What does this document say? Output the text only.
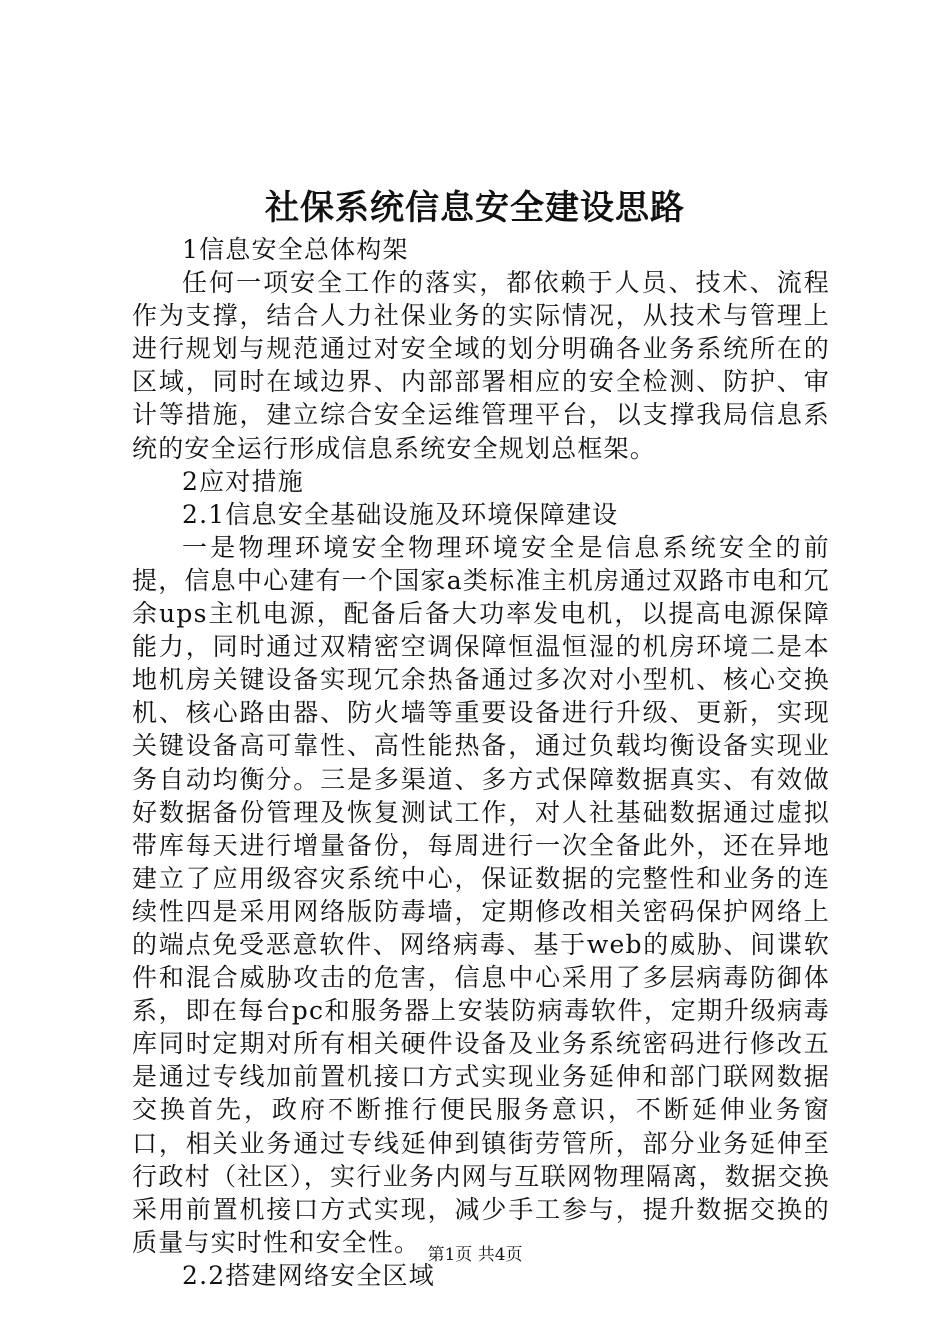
社保系统信息安全建设思路

1信息安全总体构架

任何一项安全工作的落实，都依赖于人员、技术、流程作为支撑，结合人力社保业务的实际情况，从技术与管理上进行规划与规范通过对安全域的划分明确各业务系统所在的区域，同时在域边界、内部部署相应的安全检测、防护、审计等措施，建立综合安全运维管理平台，以支撑我局信息系统的安全运行形成信息系统安全规划总框架。

2应对措施

2.1信息安全基础设施及环境保障建设

一是物理环境安全物理环境安全是信息系统安全的前提，信息中心建有一个国家a类标准主机房通过双路市电和冗余ups主机电源，配备后备大功率发电机，以提高电源保障能力，同时通过双精密空调保障恒温恒湿的机房环境二是本地机房关键设备实现冗余热备通过多次对小型机、核心交换机、核心路由器、防火墙等重要设备进行升级、更新，实现关键设备高可靠性、高性能热备，通过负载均衡设备实现业务自动均衡分。三是多渠道、多方式保障数据真实、有效做好数据备份管理及恢复测试工作，对人社基础数据通过虚拟带库每天进行增量备份，每周进行一次全备此外，还在异地建立了应用级容灾系统中心，保证数据的完整性和业务的连续性四是采用网络版防毒墙，定期修改相关密码保护网络上的端点免受恶意软件、网络病毒、基于web的威胁、间谍软件和混合威胁攻击的危害，信息中心采用了多层病毒防御体系，即在每台pc和服务器上安装防病毒软件，定期升级病毒库同时定期对所有相关硬件设备及业务系统密码进行修改五是通过专线加前置机接口方式实现业务延伸和部门联网数据交换首先，政府不断推行便民服务意识，不断延伸业务窗口，相关业务通过专线延伸到镇街劳管所，部分业务延伸至行政村（社区），实行业务内网与互联网物理隔离，数据交换采用前置机接口方式实现，减少手工参与，提升数据交换的质量与实时性和安全性。

2.2搭建网络安全区域

第1页 共4页
